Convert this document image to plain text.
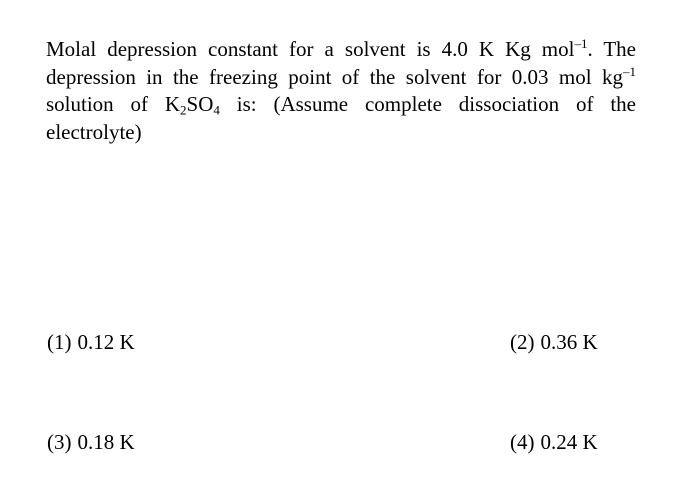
Molal depression constant for a solvent is 4.0 K Kg mol$^{-1}$. The depression in the freezing point of the solvent for 0.03 mol $kg^{-1}$ solution of $K_2SO_4$ is: (Assume complete dissociation of the electrolyte)

(1) 0.12 K	(2) 0.36 K
(3) 0.18 K	(4) 0.24 K
